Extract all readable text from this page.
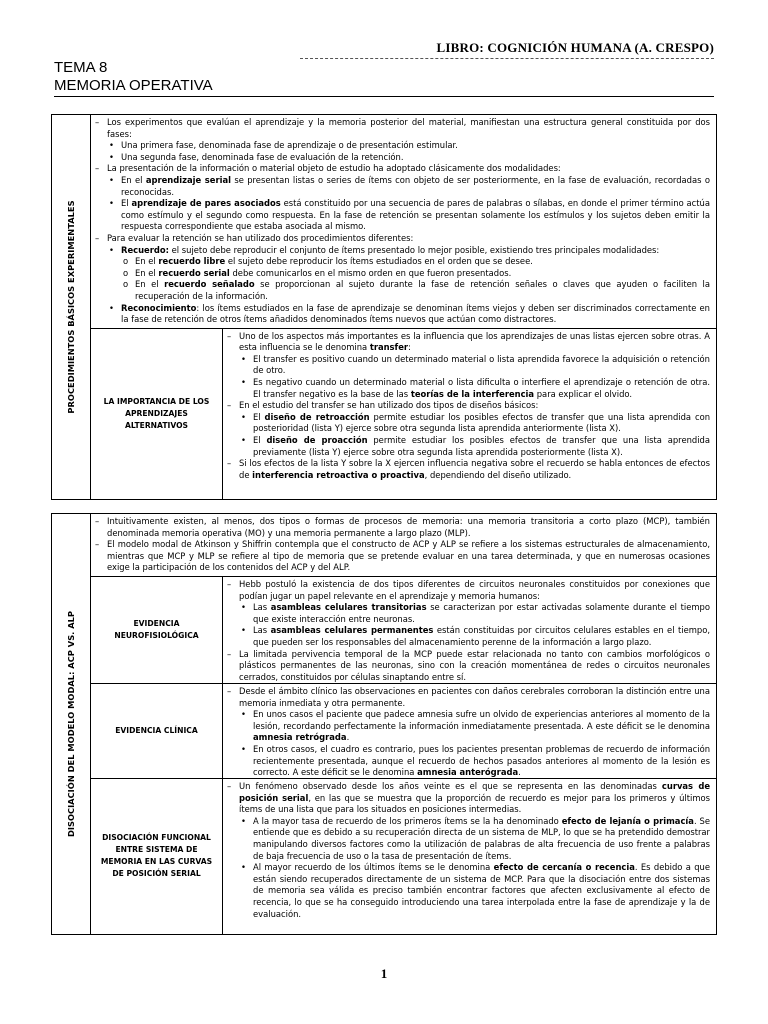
LIBRO: COGNICIÓN HUMANA (A. CRESPO)
TEMA 8
MEMORIA OPERATIVA
PROCEDIMIENTOS BÁSICOS EXPERIMENTALES
– Los experimentos que evalúan el aprendizaje y la memoria posterior del material, manifiestan una estructura general constituida por dos fases:
• Una primera fase, denominada fase de aprendizaje o de presentación estimular.
• Una segunda fase, denominada fase de evaluación de la retención.
– La presentación de la información o material objeto de estudio ha adoptado clásicamente dos modalidades:
• En el aprendizaje serial se presentan listas o series de ítems con objeto de ser posteriormente, en la fase de evaluación, recordadas o reconocidas.
• El aprendizaje de pares asociados está constituido por una secuencia de pares de palabras o sílabas, en donde el primer término actúa como estímulo y el segundo como respuesta. En la fase de retención se presentan solamente los estímulos y los sujetos deben emitir la respuesta correspondiente que estaba asociada al mismo.
– Para evaluar la retención se han utilizado dos procedimientos diferentes:
• Recuerdo: el sujeto debe reproducir el conjunto de ítems presentado lo mejor posible, existiendo tres principales modalidades:
o En el recuerdo libre el sujeto debe reproducir los ítems estudiados en el orden que se desee.
o En el recuerdo serial debe comunicarlos en el mismo orden en que fueron presentados.
o En el recuerdo señalado se proporcionan al sujeto durante la fase de retención señales o claves que ayuden o faciliten la recuperación de la información.
• Reconocimiento: los ítems estudiados en la fase de aprendizaje se denominan ítems viejos y deben ser discriminados correctamente en la fase de retención de otros ítems añadidos denominados ítems nuevos que actúan como distractores.
LA IMPORTANCIA DE LOS APRENDIZAJES ALTERNATIVOS
– Uno de los aspectos más importantes es la influencia que los aprendizajes de unas listas ejercen sobre otras. A esta influencia se le denomina transfer:
• El transfer es positivo cuando un determinado material o lista aprendida favorece la adquisición o retención de otro.
• Es negativo cuando un determinado material o lista dificulta o interfiere el aprendizaje o retención de otra. El transfer negativo es la base de las teorías de la interferencia para explicar el olvido.
– En el estudio del transfer se han utilizado dos tipos de diseños básicos:
• El diseño de retroacción permite estudiar los posibles efectos de transfer que una lista aprendida con posterioridad (lista Y) ejerce sobre otra segunda lista aprendida anteriormente (lista X).
• El diseño de proacción permite estudiar los posibles efectos de transfer que una lista aprendida previamente (lista Y) ejerce sobre otra segunda lista aprendida posteriormente (lista X).
– Si los efectos de la lista Y sobre la X ejercen influencia negativa sobre el recuerdo se habla entonces de efectos de interferencia retroactiva o proactiva, dependiendo del diseño utilizado.
DISOCIACIÓN DEL MODELO MODAL: ACP VS. ALP
– Intuitivamente existen, al menos, dos tipos o formas de procesos de memoria: una memoria transitoria a corto plazo (MCP), también denominada memoria operativa (MO) y una memoria permanente a largo plazo (MLP).
– El modelo modal de Atkinson y Shiffrin contempla que el constructo de ACP y ALP se refiere a los sistemas estructurales de almacenamiento, mientras que MCP y MLP se refiere al tipo de memoria que se pretende evaluar en una tarea determinada, y que en numerosas ocasiones exige la participación de los contenidos del ACP y del ALP.
EVIDENCIA NEUROFISIOLÓGICA
– Hebb postuló la existencia de dos tipos diferentes de circuitos neuronales constituidos por conexiones que podían jugar un papel relevante en el aprendizaje y memoria humanos:
• Las asambleas celulares transitorias se caracterizan por estar activadas solamente durante el tiempo que existe interacción entre neuronas.
• Las asambleas celulares permanentes están constituidas por circuitos celulares estables en el tiempo, que pueden ser los responsables del almacenamiento perenne de la información a largo plazo.
– La limitada pervivencia temporal de la MCP puede estar relacionada no tanto con cambios morfológicos o plásticos permanentes de las neuronas, sino con la creación momentánea de redes o circuitos neuronales cerrados, constituidos por células sinaptando entre sí.
EVIDENCIA CLÍNICA
– Desde el ámbito clínico las observaciones en pacientes con daños cerebrales corroboran la distinción entre una memoria inmediata y otra permanente.
• En unos casos el paciente que padece amnesia sufre un olvido de experiencias anteriores al momento de la lesión, recordando perfectamente la información inmediatamente presentada. A este déficit se le denomina amnesia retrógrada.
• En otros casos, el cuadro es contrario, pues los pacientes presentan problemas de recuerdo de información recientemente presentada, aunque el recuerdo de hechos pasados anteriores al momento de la lesión es correcto. A este déficit se le denomina amnesia anterógrada.
DISOCIACIÓN FUNCIONAL ENTRE SISTEMA DE MEMORIA EN LAS CURVAS DE POSICIÓN SERIAL
– Un fenómeno observado desde los años veinte es el que se representa en las denominadas curvas de posición serial, en las que se muestra que la proporción de recuerdo es mejor para los primeros y últimos ítems de una lista que para los situados en posiciones intermedias.
• A la mayor tasa de recuerdo de los primeros ítems se la ha denominado efecto de lejanía o primacía. Se entiende que es debido a su recuperación directa de un sistema de MLP, lo que se ha pretendido demostrar manipulando diversos factores como la utilización de palabras de alta frecuencia de uso frente a palabras de baja frecuencia de uso o la tasa de presentación de ítems.
• Al mayor recuerdo de los últimos ítems se le denomina efecto de cercanía o recencia. Es debido a que están siendo recuperados directamente de un sistema de MCP. Para que la disociación entre dos sistemas de memoria sea válida es preciso también encontrar factores que afecten exclusivamente al efecto de recencia, lo que se ha conseguido introduciendo una tarea interpolada entre la fase de aprendizaje y la de evaluación.
1
